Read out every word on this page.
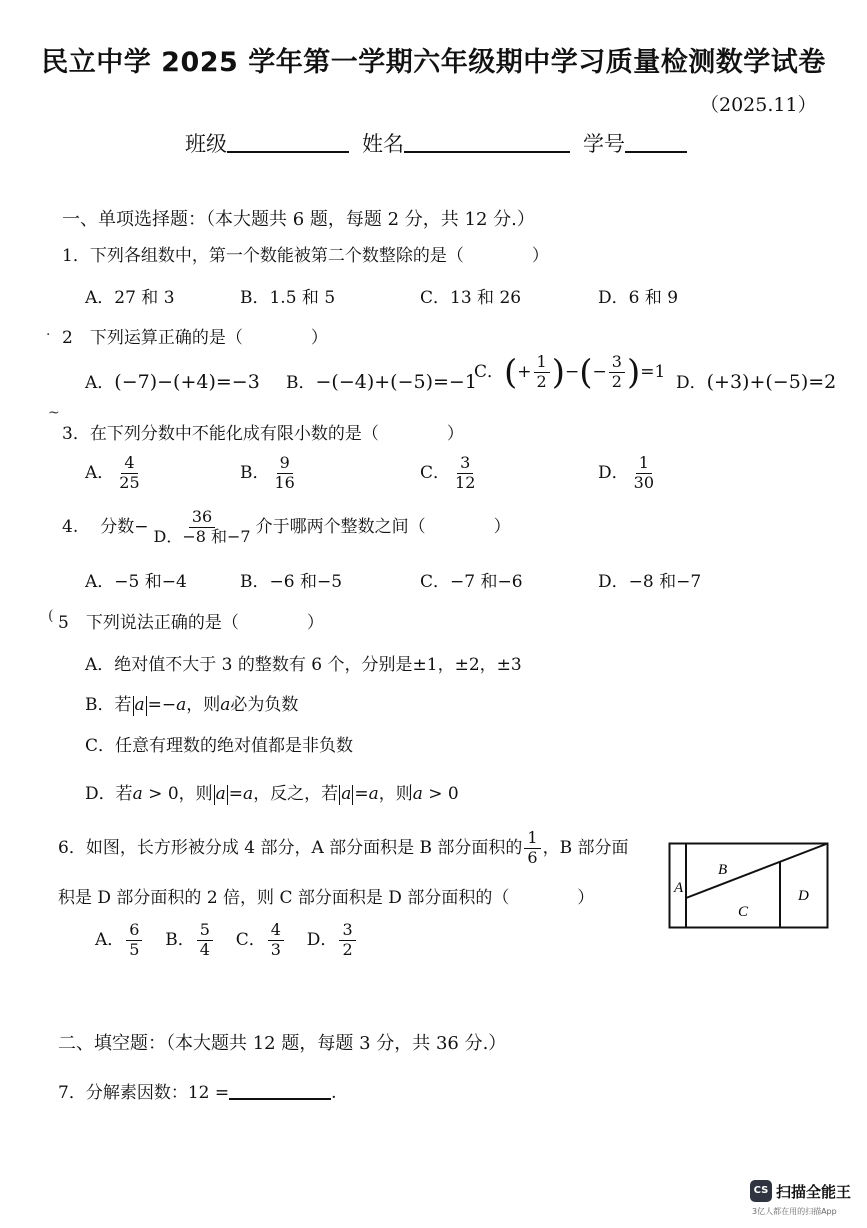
民立中学 2025 学年第一学期六年级期中学习质量检测数学试卷
（2025.11）
班级	姓名	学号
一、单项选择题：（本大题共 6 题，每题 2 分，共 12 分.）
1．下列各组数中，第一个数能被第二个数整除的是（　　　　）
A．27 和 3	B．1.5 和 5	C．13 和 26	D．6 和 9
· 2　下列运算正确的是（　　　　）
A．(−7)−(+4)=−3 B．−(−4)+(−5)=−1
C．(+ $\frac{1}{2}$ )−(− $\frac{3}{2} )=1$
D．(+3)+(−5)=2
~
3．在下列分数中不能化成有限小数的是（　　　　）
A． $\frac{4}{25}$	B． $\frac{9}{16}$	C． $\frac{3}{12}$	D． $\frac{1}{30}$
4. 分数− $\frac{36}{\text{D．−8 和−7}}$ 介于哪两个整数之间（　　　　）
A．−5 和−4	B．−6 和−5	C．−7 和−6	D．−8 和−7
( 5　下列说法正确的是（　　　　）
A．绝对值不大于 3 的整数有 6 个，分别是±1，±2，±3
B．若 a =−a，则a必为负数
C．任意有理数的绝对值都是非负数
D．若a > 0，则 a =a，反之，若 a =a，则a > 0
6．如图，长方形被分成 4 部分，A 部分面积是 B 部分面积的 $\frac{1}{6}$ ，B 部分面
积是 D 部分面积的 2 倍，则 C 部分面积是 D 部分面积的（　　　　）
A． $\frac{6}{5}$ B． $\frac{5}{4}$ C． $\frac{4}{3}$ D． $\frac{3}{2}$
A
B
C
D
二、填空题：（本大题共 12 题，每题 3 分，共 36 分.）
7．分解素因数：12 =	.
CS 扫描全能王
3亿人都在用的扫描App
